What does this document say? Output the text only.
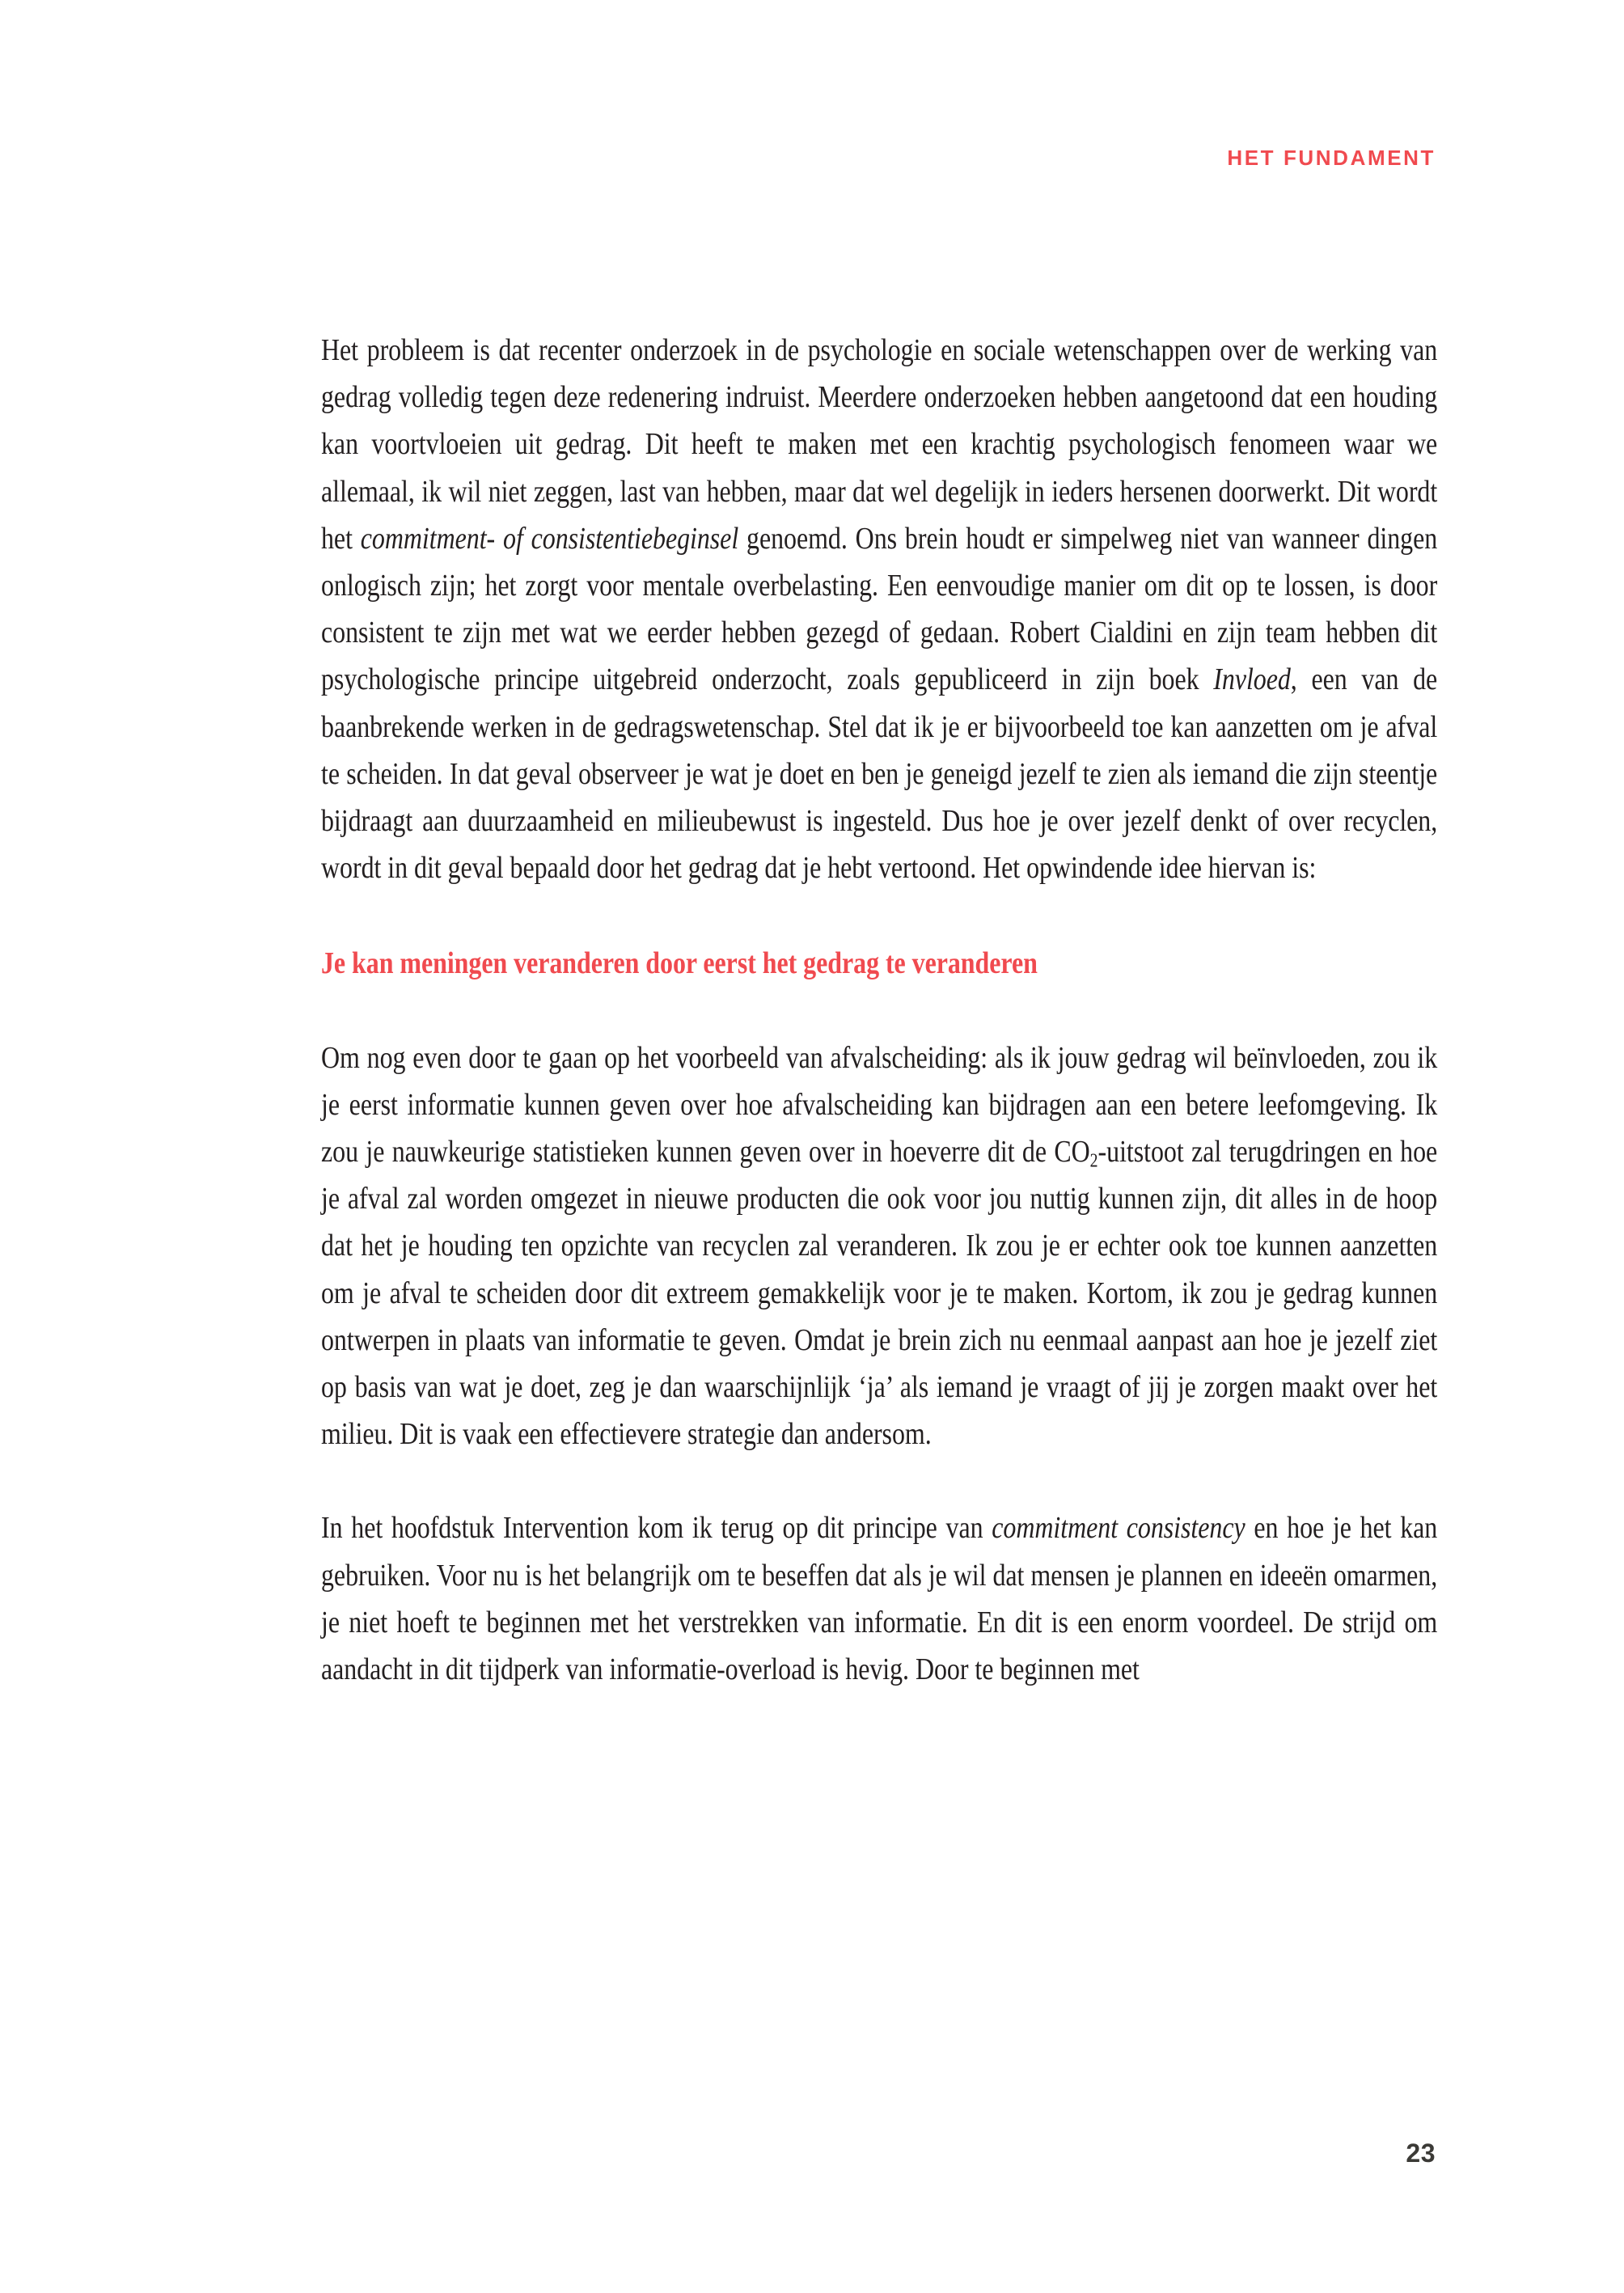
HET FUNDAMENT

Het probleem is dat recenter onderzoek in de psychologie en sociale wetenschappen over de werking van gedrag volledig tegen deze redenering indruist. Meerdere onderzoeken hebben aangetoond dat een houding kan voortvloeien uit gedrag. Dit heeft te maken met een krachtig psychologisch fenomeen waar we allemaal, ik wil niet zeggen, last van hebben, maar dat wel degelijk in ieders hersenen doorwerkt. Dit wordt het commitment- of consistentiebeginsel genoemd. Ons brein houdt er simpelweg niet van wanneer dingen onlogisch zijn; het zorgt voor mentale overbelasting. Een eenvoudige manier om dit op te lossen, is door consistent te zijn met wat we eerder hebben gezegd of gedaan. Robert Cialdini en zijn team hebben dit psychologische principe uitgebreid onderzocht, zoals gepubliceerd in zijn boek Invloed, een van de baanbrekende werken in de gedragswetenschap. Stel dat ik je er bijvoorbeeld toe kan aanzetten om je afval te scheiden. In dat geval observeer je wat je doet en ben je geneigd jezelf te zien als iemand die zijn steentje bijdraagt aan duurzaamheid en milieubewust is ingesteld. Dus hoe je over jezelf denkt of over recyclen, wordt in dit geval bepaald door het gedrag dat je hebt vertoond. Het opwindende idee hiervan is:

Je kan meningen veranderen door eerst het gedrag te veranderen

Om nog even door te gaan op het voorbeeld van afvalscheiding: als ik jouw gedrag wil beïnvloeden, zou ik je eerst informatie kunnen geven over hoe afvalscheiding kan bijdragen aan een betere leefomgeving. Ik zou je nauwkeurige statistieken kunnen geven over in hoeverre dit de $CO_2$-uitstoot zal terugdringen en hoe je afval zal worden omgezet in nieuwe producten die ook voor jou nuttig kunnen zijn, dit alles in de hoop dat het je houding ten opzichte van recyclen zal veranderen. Ik zou je er echter ook toe kunnen aanzetten om je afval te scheiden door dit extreem gemakkelijk voor je te maken. Kortom, ik zou je gedrag kunnen ontwerpen in plaats van informatie te geven. Omdat je brein zich nu eenmaal aanpast aan hoe je jezelf ziet op basis van wat je doet, zeg je dan waarschijnlijk ‘ja’ als iemand je vraagt of jij je zorgen maakt over het milieu. Dit is vaak een effectievere strategie dan andersom.

In het hoofdstuk Intervention kom ik terug op dit principe van commitment consistency en hoe je het kan gebruiken. Voor nu is het belangrijk om te beseffen dat als je wil dat mensen je plannen en ideeën omarmen, je niet hoeft te beginnen met het verstrekken van informatie. En dit is een enorm voordeel. De strijd om aandacht in dit tijdperk van informatie-overload is hevig. Door te beginnen met

23
